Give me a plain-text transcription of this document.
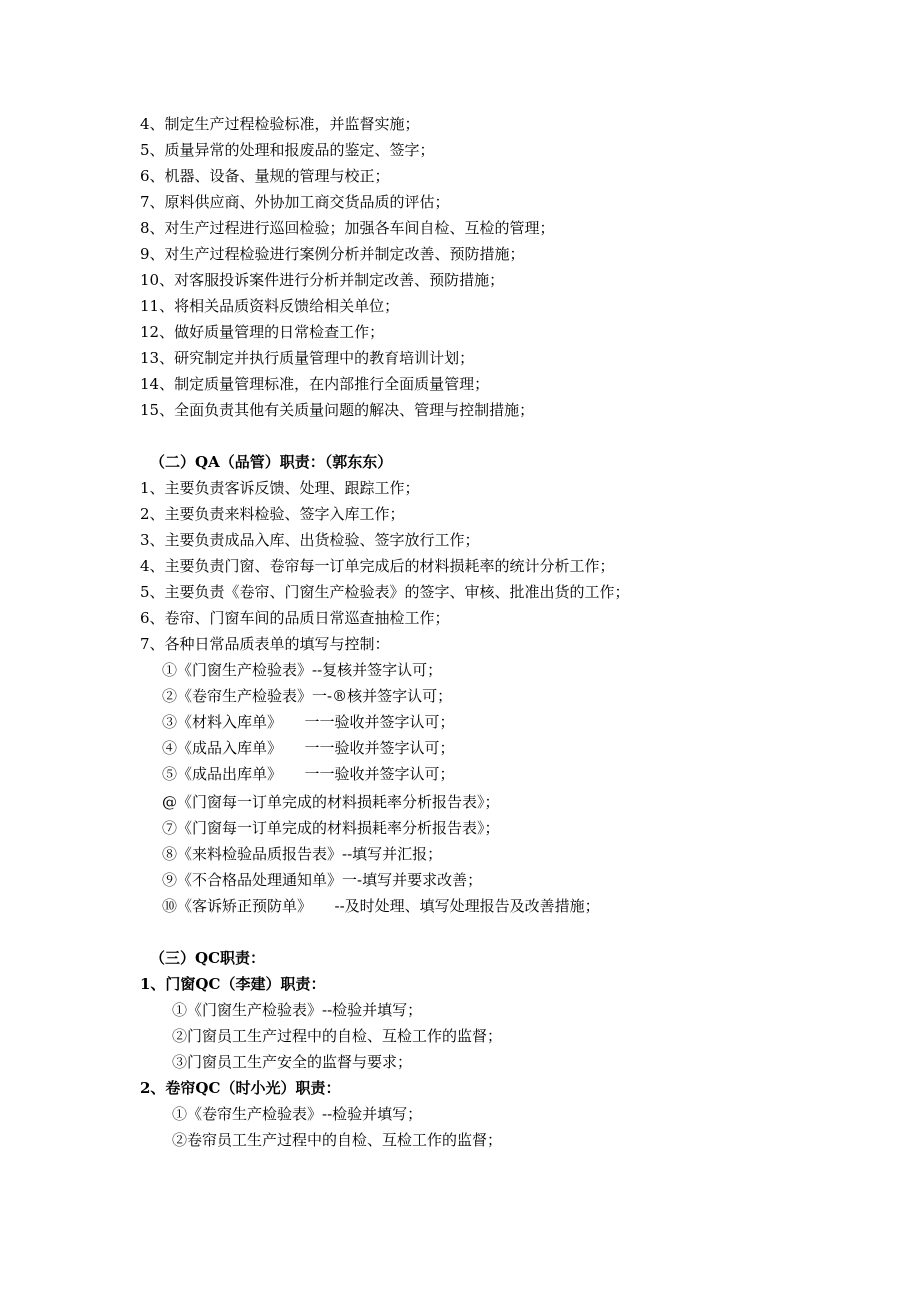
4、制定生产过程检验标准，并监督实施；
5、质量异常的处理和报废品的鉴定、签字；
6、机器、设备、量规的管理与校正；
7、原料供应商、外协加工商交货品质的评估；
8、对生产过程进行巡回检验；加强各车间自检、互检的管理；
9、对生产过程检验进行案例分析并制定改善、预防措施；
10、对客服投诉案件进行分析并制定改善、预防措施；
11、将相关品质资料反馈给相关单位；
12、做好质量管理的日常检查工作；
13、研究制定并执行质量管理中的教育培训计划；
14、制定质量管理标准，在内部推行全面质量管理；
15、全面负责其他有关质量问题的解决、管理与控制措施；
（二）QA（品管）职责：（郭东东）
1、主要负责客诉反馈、处理、跟踪工作；
2、主要负责来料检验、签字入库工作；
3、主要负责成品入库、出货检验、签字放行工作；
4、主要负责门窗、卷帘每一订单完成后的材料损耗率的统计分析工作；
5、主要负责《卷帘、门窗生产检验表》的签字、审核、批准出货的工作；
6、卷帘、门窗车间的品质日常巡查抽检工作；
7、各种日常品质表单的填写与控制：
①《门窗生产检验表》--复核并签字认可；
②《卷帘生产检验表》一-®核并签字认可；
③《材料入库单》　　一一验收并签字认可；
④《成品入库单》　　一一验收并签字认可；
⑤《成品出库单》　　一一验收并签字认可；
@《门窗每一订单完成的材料损耗率分析报告表》；
⑦《门窗每一订单完成的材料损耗率分析报告表》；
⑧《来料检验品质报告表》--填写并汇报；
⑨《不合格品处理通知单》一-填写并要求改善；
⑩《客诉矫正预防单》　　--及时处理、填写处理报告及改善措施；
（三）QC职责：
1、门窗QC（李建）职责：
①《门窗生产检验表》--检验并填写；
②门窗员工生产过程中的自检、互检工作的监督；
③门窗员工生产安全的监督与要求；
2、卷帘QC（时小光）职责：
①《卷帘生产检验表》--检验并填写；
②卷帘员工生产过程中的自检、互检工作的监督；
